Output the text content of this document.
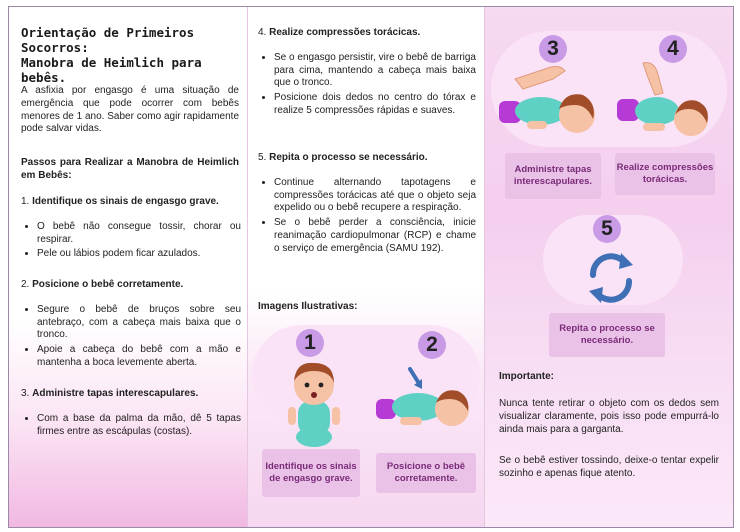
Orientação de Primeiros Socorros:
Manobra de Heimlich para bebês.
A asfixia por engasgo é uma situação de emergência que pode ocorrer com bebês menores de 1 ano. Saber como agir rapidamente pode salvar vidas.
Passos para Realizar a Manobra de Heimlich em Bebês:
1. Identifique os sinais de engasgo grave.
• O bebê não consegue tossir, chorar ou respirar.
• Pele ou lábios podem ficar azulados.
2. Posicione o bebê corretamente.
• Segure o bebê de bruços sobre seu antebraço, com a cabeça mais baixa que o tronco.
• Apoie a cabeça do bebê com a mão e mantenha a boca levemente aberta.
3. Administre tapas interescapulares.
• Com a base da palma da mão, dê 5 tapas firmes entre as escápulas (costas).
4. Realize compressões torácicas.
• Se o engasgo persistir, vire o bebê de barriga para cima, mantendo a cabeça mais baixa que o tronco.
• Posicione dois dedos no centro do tórax e realize 5 compressões rápidas e suaves.
5. Repita o processo se necessário.
• Continue alternando tapotagens e compressões torácicas até que o objeto seja expelido ou o bebê recupere a respiração.
• Se o bebê perder a consciência, inicie reanimação cardiopulmonar (RCP) e chame o serviço de emergência (SAMU 192).
Imagens Ilustrativas:
1	2
Identifique os sinais de engasgo grave.
Posicione o bebê corretamente.
3	4
Administre tapas interescapulares.
Realize compressões torácicas.
5
Repita o processo se necessário.
Importante:
Nunca tente retirar o objeto com os dedos sem visualizar claramente, pois isso pode empurrá-lo ainda mais para a garganta.
Se o bebê estiver tossindo, deixe-o tentar expelir sozinho e apenas fique atento.
